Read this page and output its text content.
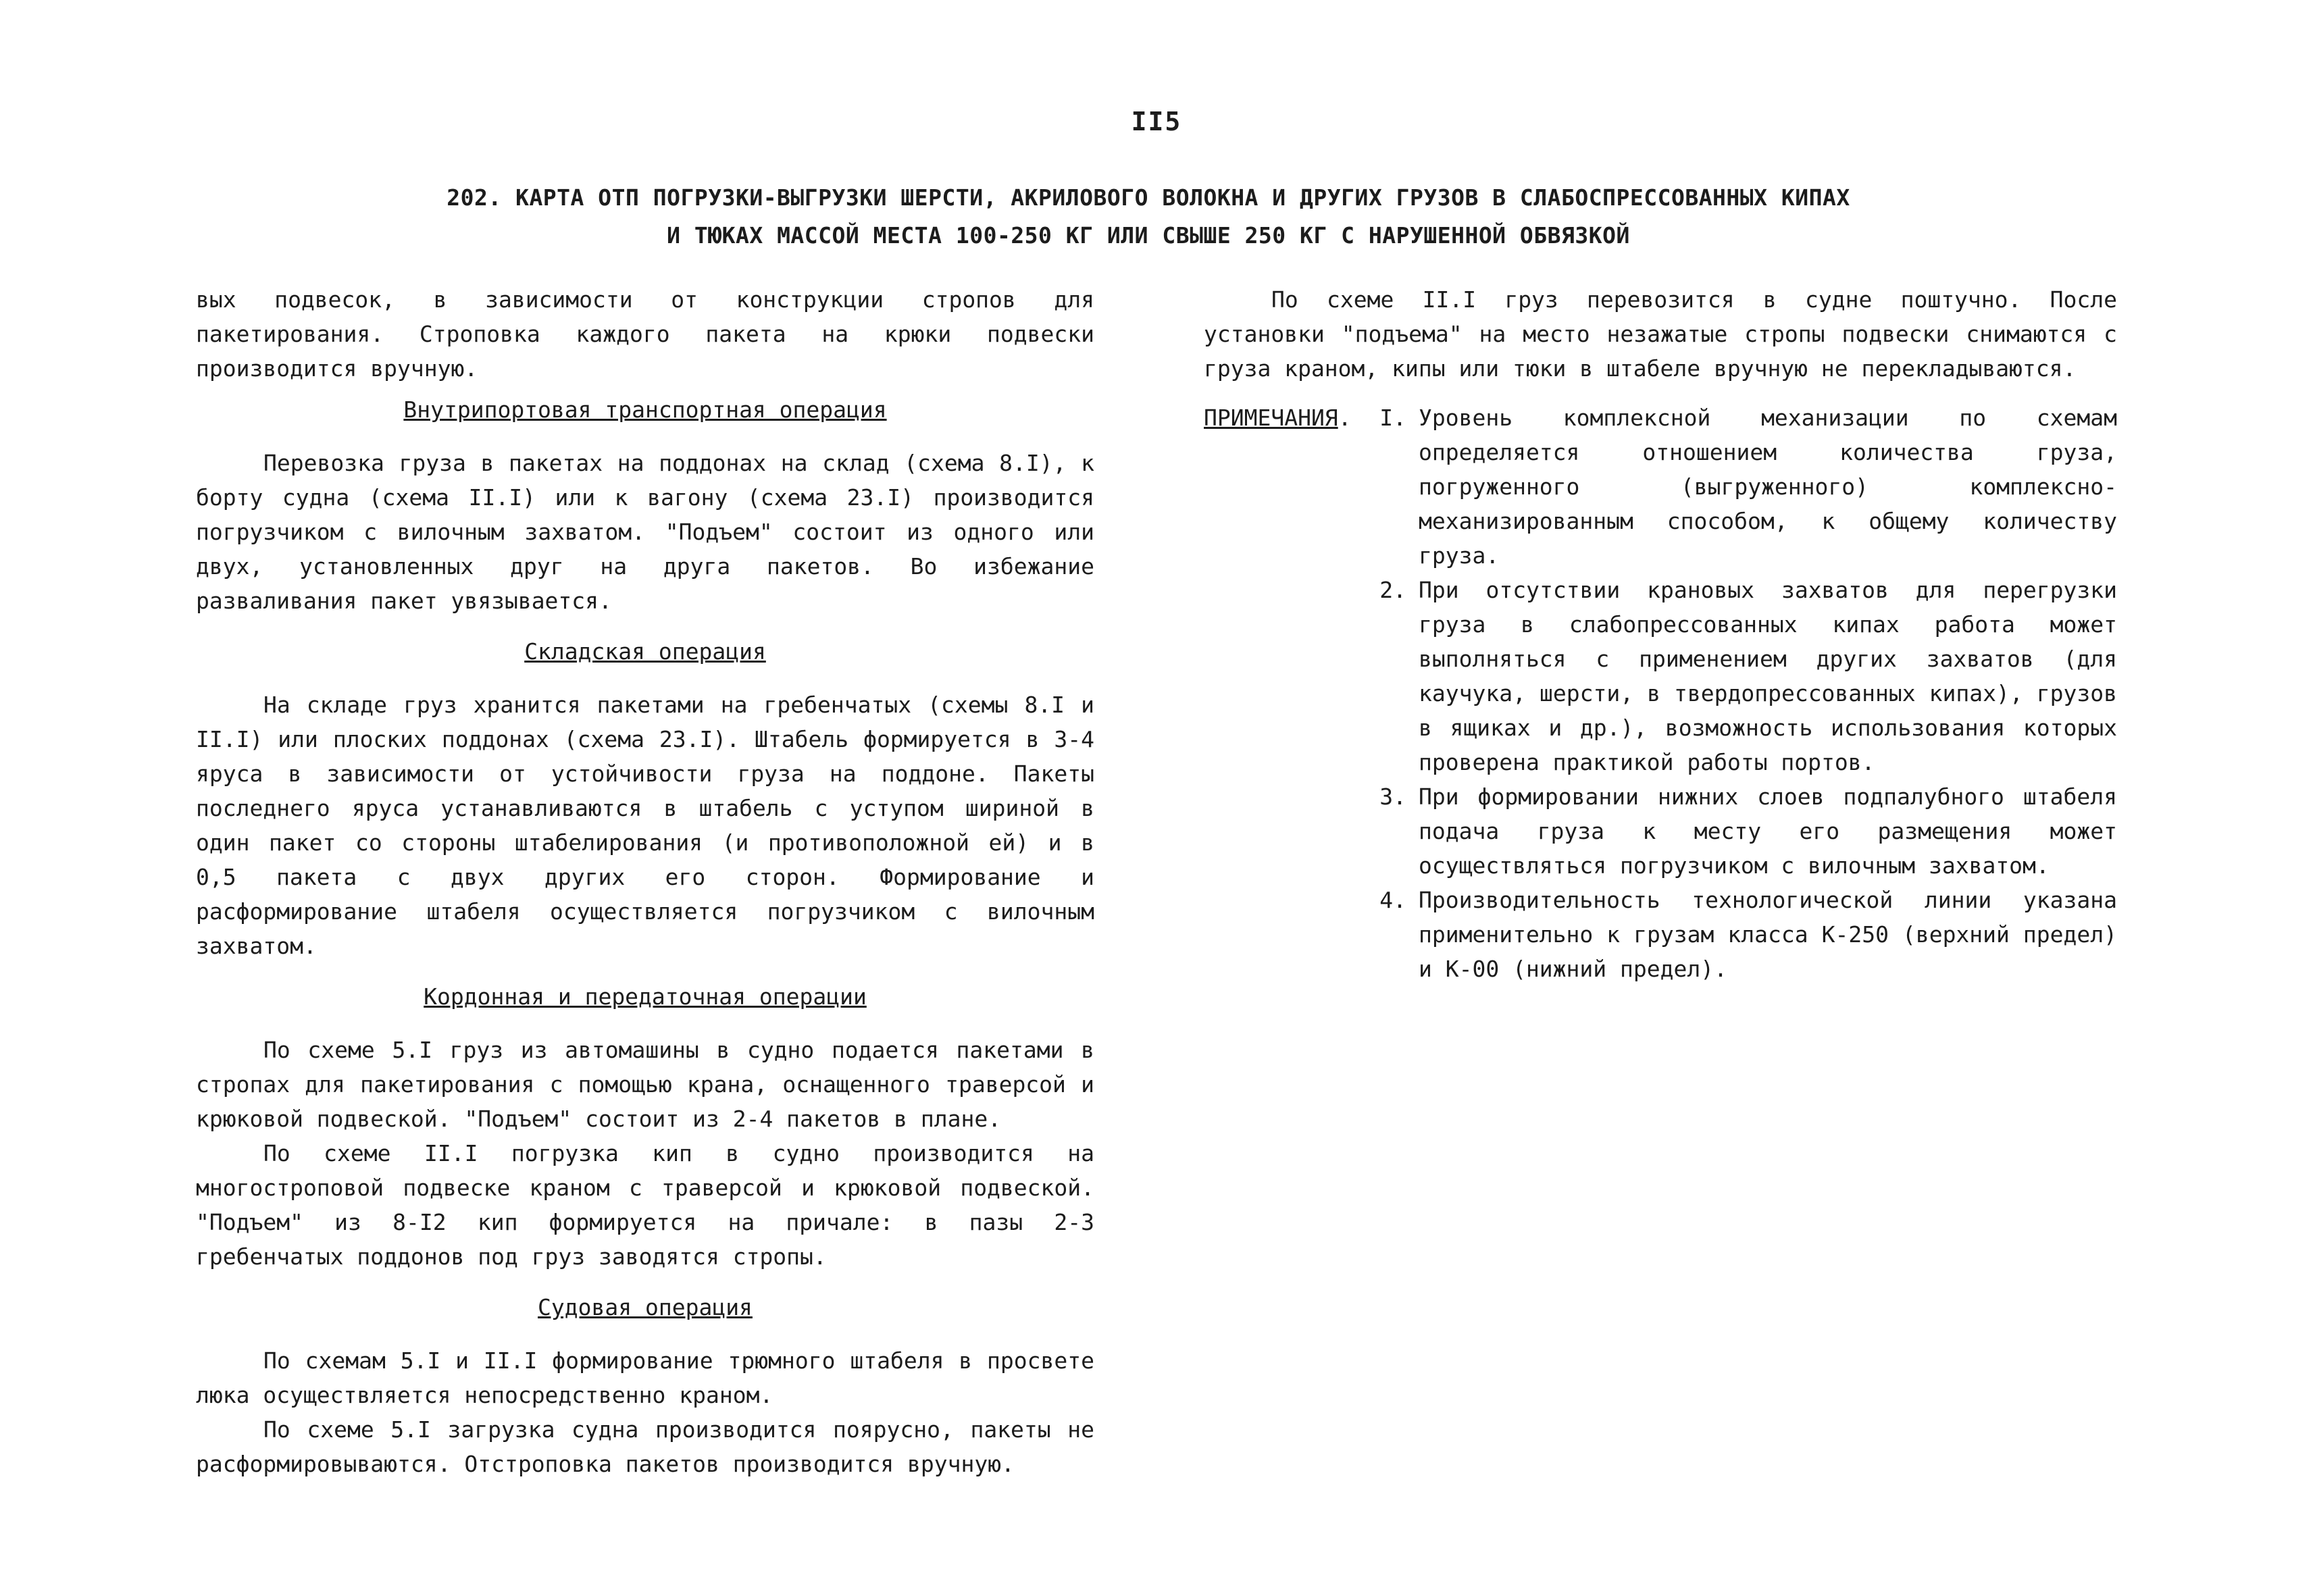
II5
202. КАРТА ОТП ПОГРУЗКИ-ВЫГРУЗКИ ШЕРСТИ, АКРИЛОВОГО ВОЛОКНА И ДРУГИХ ГРУЗОВ В СЛАБОСПРЕССОВАННЫХ КИПАХ
И ТЮКАХ МАССОЙ МЕСТА 100-250 КГ ИЛИ СВЫШЕ 250 КГ С НАРУШЕННОЙ ОБВЯЗКОЙ

вых подвесок, в зависимости от конструкции стропов для пакетирования. Строповка каждого пакета на крюки подвески производится вручную.

Внутрипортовая транспортная операция

Перевозка груза в пакетах на поддонах на склад (схема 8.I), к борту судна (схема II.I) или к вагону (схема 23.I) производится погрузчиком с вилочным захватом. "Подъем" состоит из одного или двух, установленных друг на друга пакетов. Во избежание разваливания пакет увязывается.

Складская операция

На складе груз хранится пакетами на гребенчатых (схемы 8.I и II.I) или плоских поддонах (схема 23.I). Штабель формируется в 3-4 яруса в зависимости от устойчивости груза на поддоне. Пакеты последнего яруса устанавливаются в штабель с уступом шириной в один пакет со стороны штабелирования (и противоположной ей) и в 0,5 пакета с двух других его сторон. Формирование и расформирование штабеля осуществляется погрузчиком с вилочным захватом.

Кордонная и передаточная операции

По схеме 5.I груз из автомашины в судно подается пакетами в стропах для пакетирования с помощью крана, оснащенного траверсой и крюковой подвеской. "Подъем" состоит из 2-4 пакетов в плане.

По схеме II.I погрузка кип в судно производится на многостроповой подвеске краном с траверсой и крюковой подвеской. "Подъем" из 8-I2 кип формируется на причале: в пазы 2-3 гребенчатых поддонов под груз заводятся стропы.

Судовая операция

По схемам 5.I и II.I формирование трюмного штабеля в просвете люка осуществляется непосредственно краном.

По схеме 5.I загрузка судна производится поярусно, пакеты не расформировываются. Отстроповка пакетов производится вручную.

По схеме II.I груз перевозится в судне поштучно. После установки "подъема" на место незажатые стропы подвески снимаются с груза краном, кипы или тюки в штабеле вручную не перекладываются.

ПРИМЕЧАНИЯ.	I. Уровень комплексной механизации по схемам определяется отношением количества груза, погруженного (выгруженного) комплексно-механизированным способом, к общему количеству груза.
2. При отсутствии крановых захватов для перегрузки груза в слабопрессованных кипах работа может выполняться с применением других захватов (для каучука, шерсти, в твердопрессованных кипах), грузов в ящиках и др.), возможность использования которых проверена практикой работы портов.
3. При формировании нижних слоев подпалубного штабеля подача груза к месту его размещения может осуществляться погрузчиком с вилочным захватом.
4. Производительность технологической линии указана применительно к грузам класса К-250 (верхний предел) и К-00 (нижний предел).
